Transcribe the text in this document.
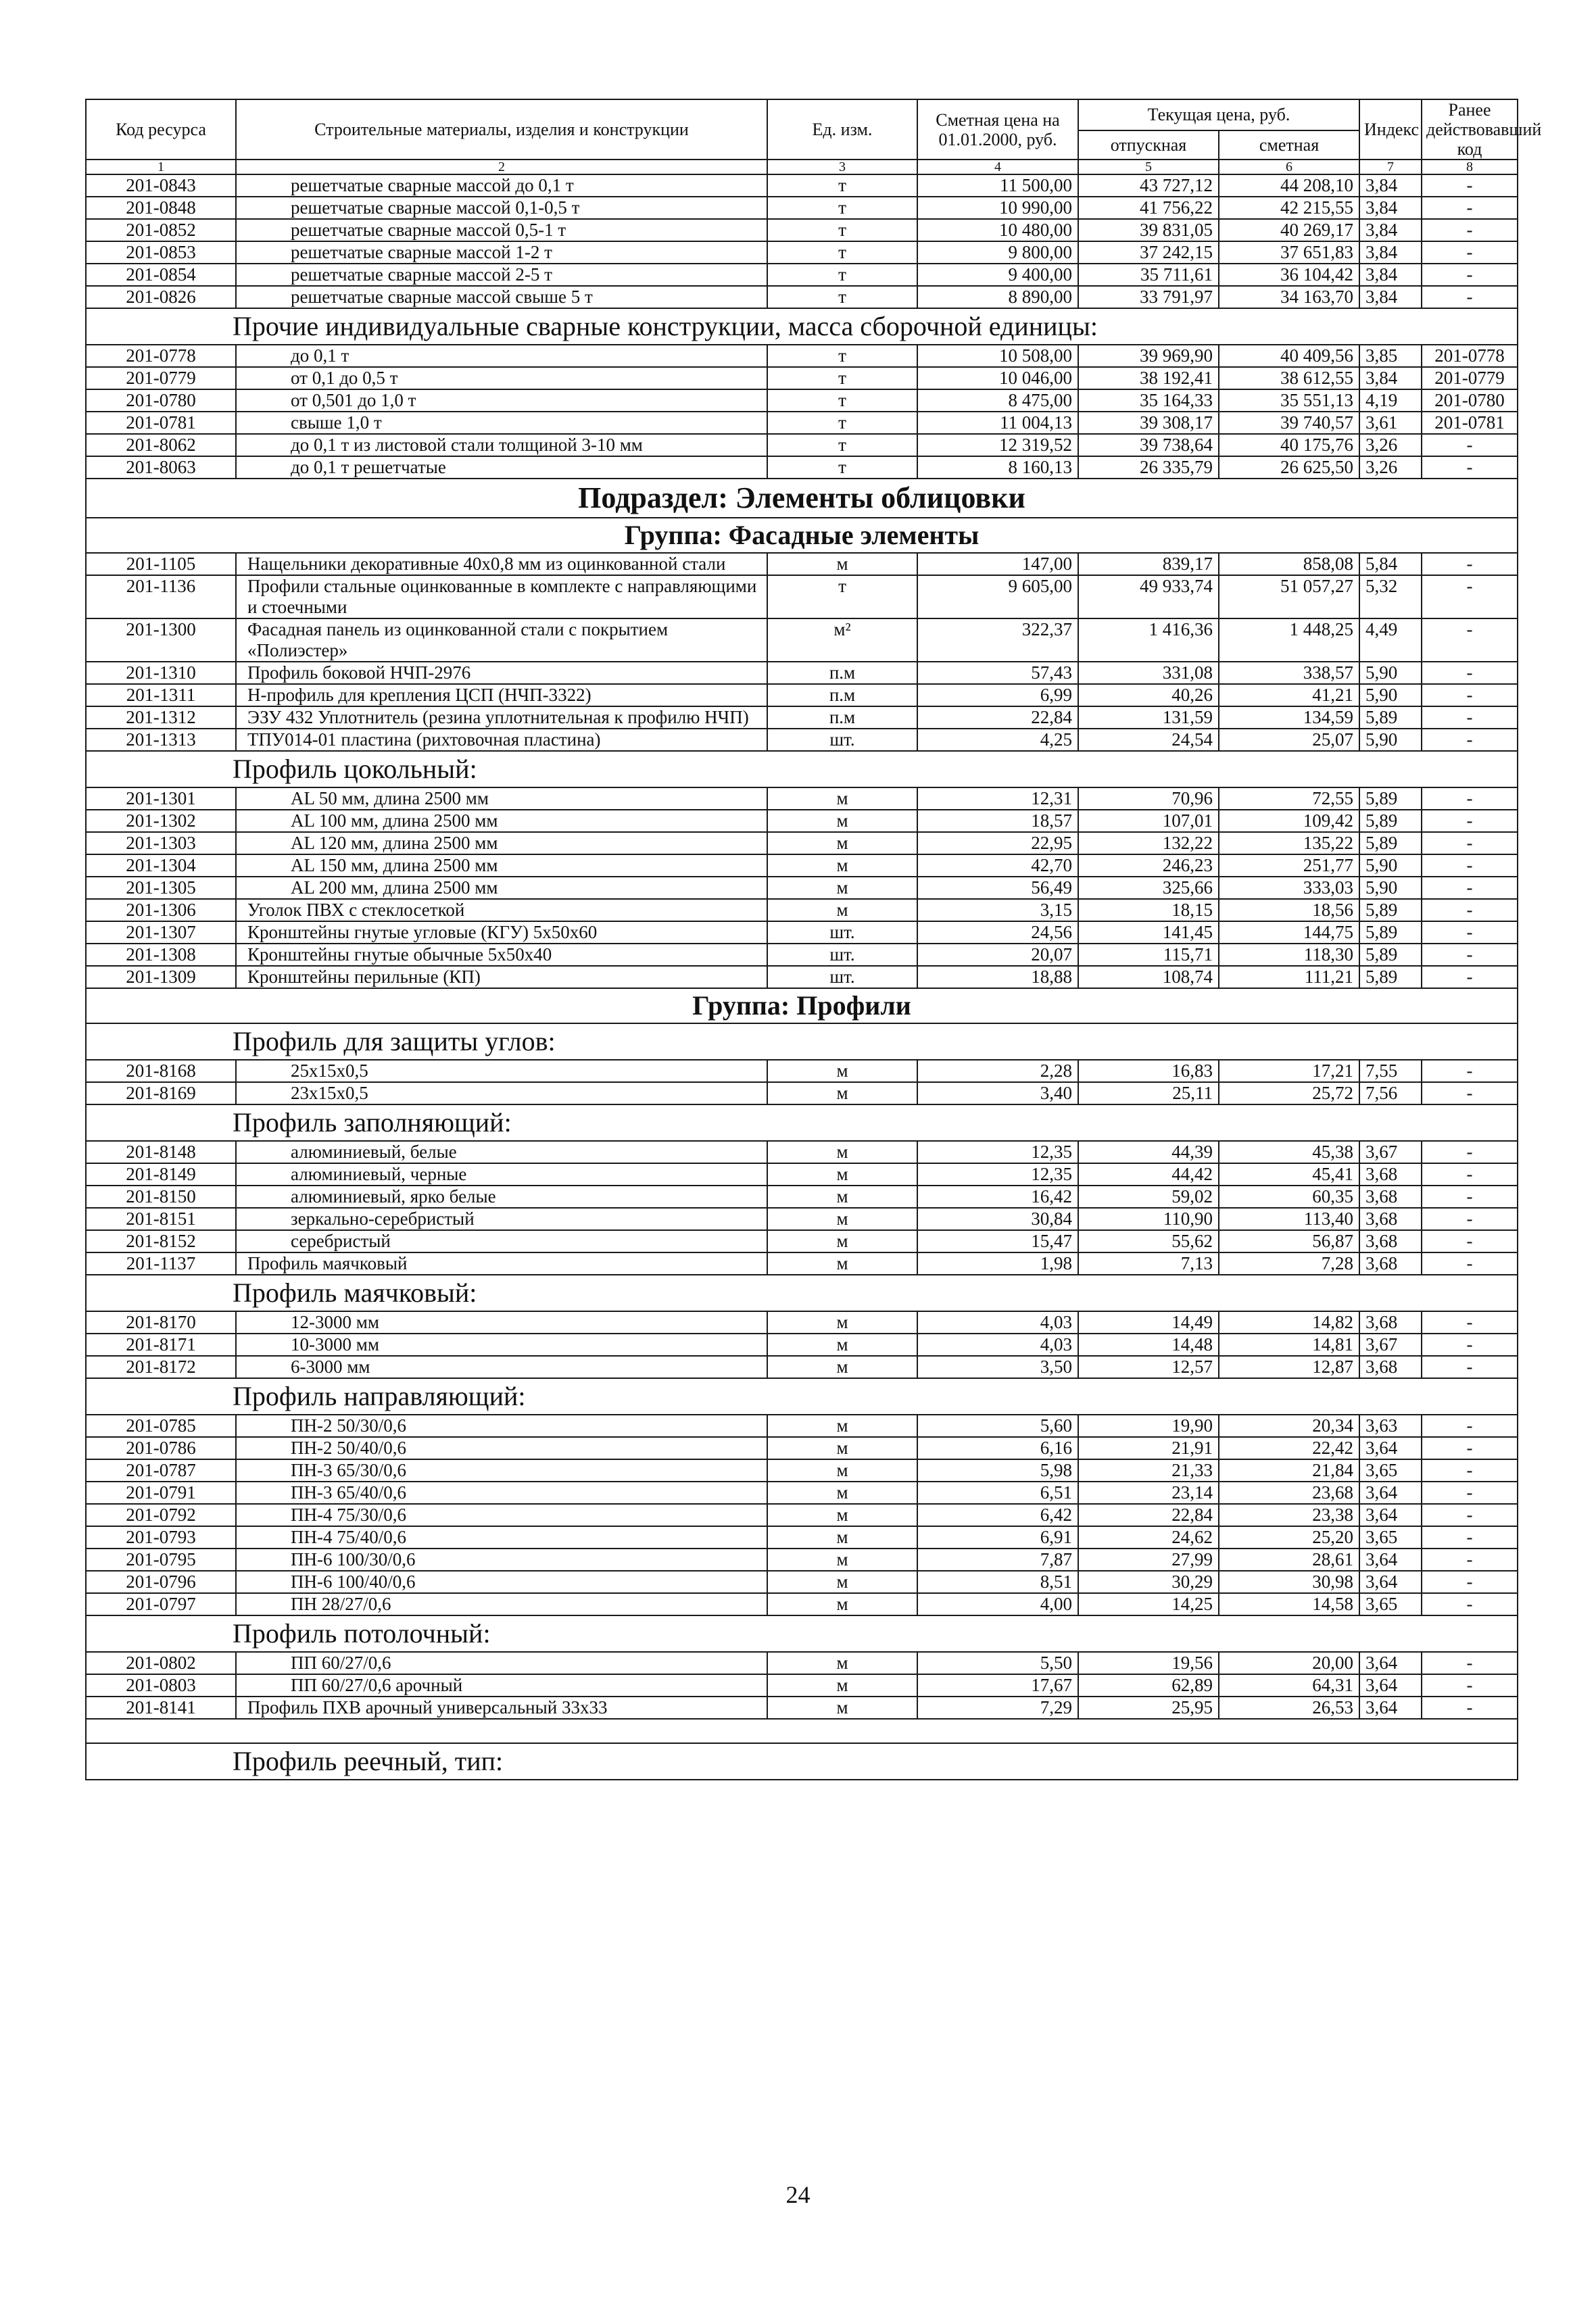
Код ресурса	Строительные материалы, изделия и конструкции	Ед. изм.	Сметная цена на 01.01.2000, руб.	Текущая цена, руб.		Индекс	Ранее действовавший код
				отпускная	сметная		
1	2	3	4	5	6	7	8
201-0843	решетчатые сварные массой до 0,1 т	т	11 500,00	43 727,12	44 208,10	3,84	-
201-0848	решетчатые сварные массой 0,1-0,5 т	т	10 990,00	41 756,22	42 215,55	3,84	-
201-0852	решетчатые сварные массой 0,5-1 т	т	10 480,00	39 831,05	40 269,17	3,84	-
201-0853	решетчатые сварные массой 1-2 т	т	9 800,00	37 242,15	37 651,83	3,84	-
201-0854	решетчатые сварные массой 2-5 т	т	9 400,00	35 711,61	36 104,42	3,84	-
201-0826	решетчатые сварные массой свыше 5 т	т	8 890,00	33 791,97	34 163,70	3,84	-
Прочие индивидуальные сварные конструкции, масса сборочной единицы:							
201-0778	до 0,1 т	т	10 508,00	39 969,90	40 409,56	3,85	201-0778
201-0779	от 0,1 до 0,5 т	т	10 046,00	38 192,41	38 612,55	3,84	201-0779
201-0780	от 0,501 до 1,0 т	т	8 475,00	35 164,33	35 551,13	4,19	201-0780
201-0781	свыше 1,0 т	т	11 004,13	39 308,17	39 740,57	3,61	201-0781
201-8062	до 0,1 т из листовой стали толщиной 3-10 мм	т	12 319,52	39 738,64	40 175,76	3,26	-
201-8063	до 0,1 т решетчатые	т	8 160,13	26 335,79	26 625,50	3,26	-
Подраздел: Элементы облицовки							
Группа: Фасадные элементы							
201-1105	Нащельники декоративные 40х0,8 мм из оцинкованной стали	м	147,00	839,17	858,08	5,84	-
201-1136	Профили стальные оцинкованные в комплекте с направляющими и стоечными	т	9 605,00	49 933,74	51 057,27	5,32	-
201-1300	Фасадная панель из оцинкованной стали с покрытием «Полиэстер»	м²	322,37	1 416,36	1 448,25	4,49	-
201-1310	Профиль боковой НЧП-2976	п.м	57,43	331,08	338,57	5,90	-
201-1311	Н-профиль для крепления ЦСП (НЧП-3322)	п.м	6,99	40,26	41,21	5,90	-
201-1312	ЭЗУ 432 Уплотнитель (резина уплотнительная к профилю НЧП)	п.м	22,84	131,59	134,59	5,89	-
201-1313	ТПУ014-01 пластина (рихтовочная пластина)	шт.	4,25	24,54	25,07	5,90	-
Профиль цокольный:							
201-1301	AL 50 мм, длина 2500 мм	м	12,31	70,96	72,55	5,89	-
201-1302	AL 100 мм, длина 2500 мм	м	18,57	107,01	109,42	5,89	-
201-1303	AL 120 мм, длина 2500 мм	м	22,95	132,22	135,22	5,89	-
201-1304	AL 150 мм, длина 2500 мм	м	42,70	246,23	251,77	5,90	-
201-1305	AL 200 мм, длина 2500 мм	м	56,49	325,66	333,03	5,90	-
201-1306	Уголок ПВХ с стеклосеткой	м	3,15	18,15	18,56	5,89	-
201-1307	Кронштейны гнутые угловые (КГУ) 5х50х60	шт.	24,56	141,45	144,75	5,89	-
201-1308	Кронштейны гнутые обычные 5х50х40	шт.	20,07	115,71	118,30	5,89	-
201-1309	Кронштейны перильные (КП)	шт.	18,88	108,74	111,21	5,89	-
Группа: Профили							
Профиль для защиты углов:							
201-8168	25х15х0,5	м	2,28	16,83	17,21	7,55	-
201-8169	23х15х0,5	м	3,40	25,11	25,72	7,56	-
Профиль заполняющий:							
201-8148	алюминиевый, белые	м	12,35	44,39	45,38	3,67	-
201-8149	алюминиевый, черные	м	12,35	44,42	45,41	3,68	-
201-8150	алюминиевый, ярко белые	м	16,42	59,02	60,35	3,68	-
201-8151	зеркально-серебристый	м	30,84	110,90	113,40	3,68	-
201-8152	серебристый	м	15,47	55,62	56,87	3,68	-
201-1137	Профиль маячковый	м	1,98	7,13	7,28	3,68	-
Профиль маячковый:							
201-8170	12-3000 мм	м	4,03	14,49	14,82	3,68	-
201-8171	10-3000 мм	м	4,03	14,48	14,81	3,67	-
201-8172	6-3000 мм	м	3,50	12,57	12,87	3,68	-
Профиль направляющий:							
201-0785	ПН-2 50/30/0,6	м	5,60	19,90	20,34	3,63	-
201-0786	ПН-2 50/40/0,6	м	6,16	21,91	22,42	3,64	-
201-0787	ПН-3 65/30/0,6	м	5,98	21,33	21,84	3,65	-
201-0791	ПН-3 65/40/0,6	м	6,51	23,14	23,68	3,64	-
201-0792	ПН-4 75/30/0,6	м	6,42	22,84	23,38	3,64	-
201-0793	ПН-4 75/40/0,6	м	6,91	24,62	25,20	3,65	-
201-0795	ПН-6 100/30/0,6	м	7,87	27,99	28,61	3,64	-
201-0796	ПН-6 100/40/0,6	м	8,51	30,29	30,98	3,64	-
201-0797	ПН 28/27/0,6	м	4,00	14,25	14,58	3,65	-
Профиль потолочный:							
201-0802	ПП 60/27/0,6	м	5,50	19,56	20,00	3,64	-
201-0803	ПП 60/27/0,6 арочный	м	17,67	62,89	64,31	3,64	-
201-8141	Профиль ПХВ арочный универсальный 33х33	м	7,29	25,95	26,53	3,64	-

Профиль реечный, тип:							
24
